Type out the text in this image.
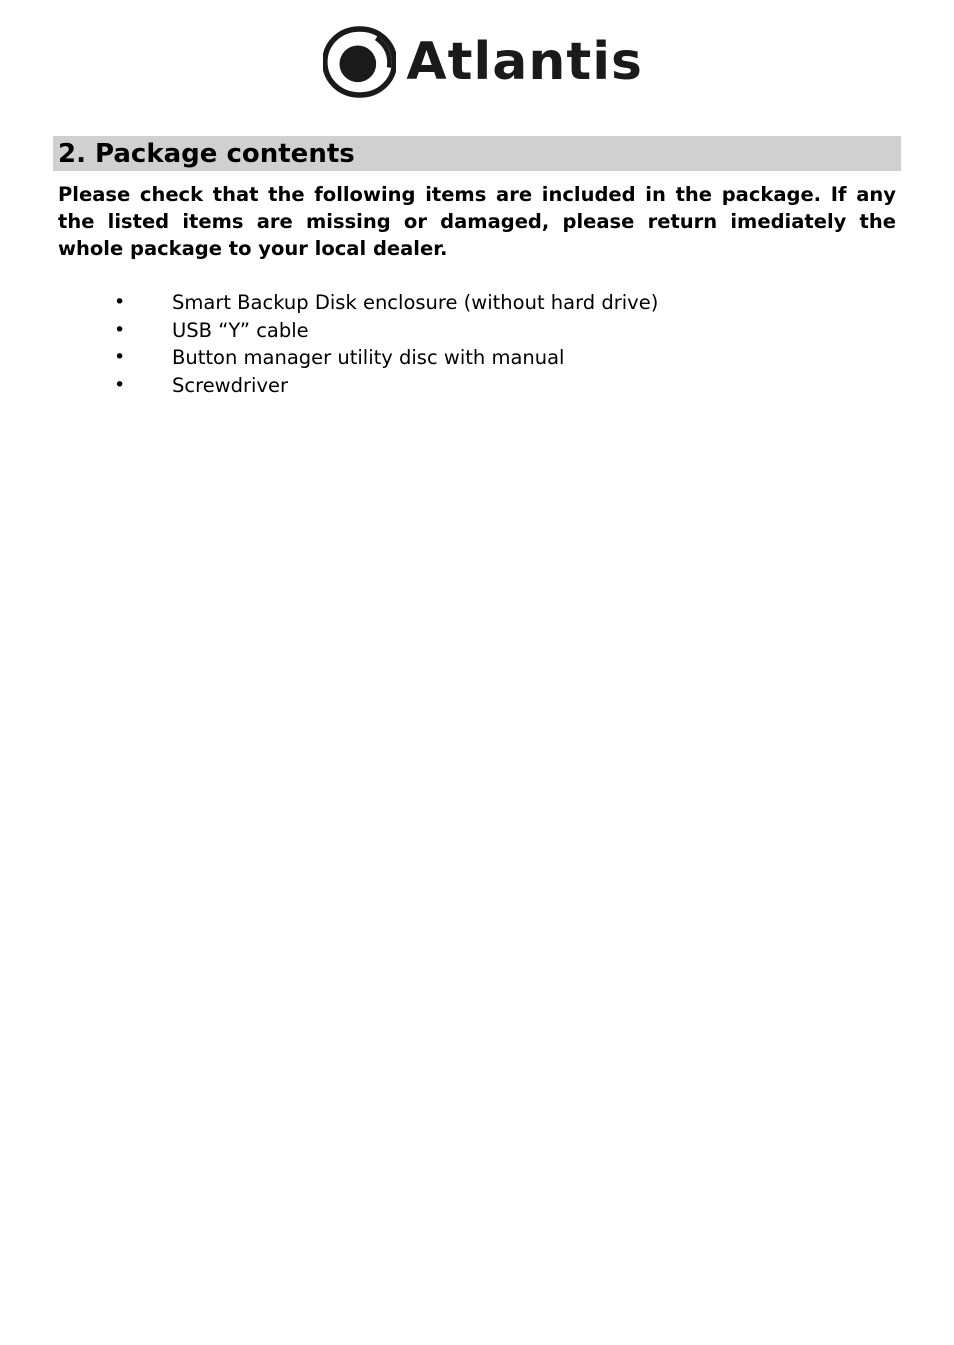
Atlantis
2. Package contents

Please check that the following items are included in the package. If any the listed items are missing or damaged, please return imediately the whole package to your local dealer.

• Smart Backup Disk enclosure (without hard drive)
• USB “Y” cable
• Button manager utility disc with manual
• Screwdriver
